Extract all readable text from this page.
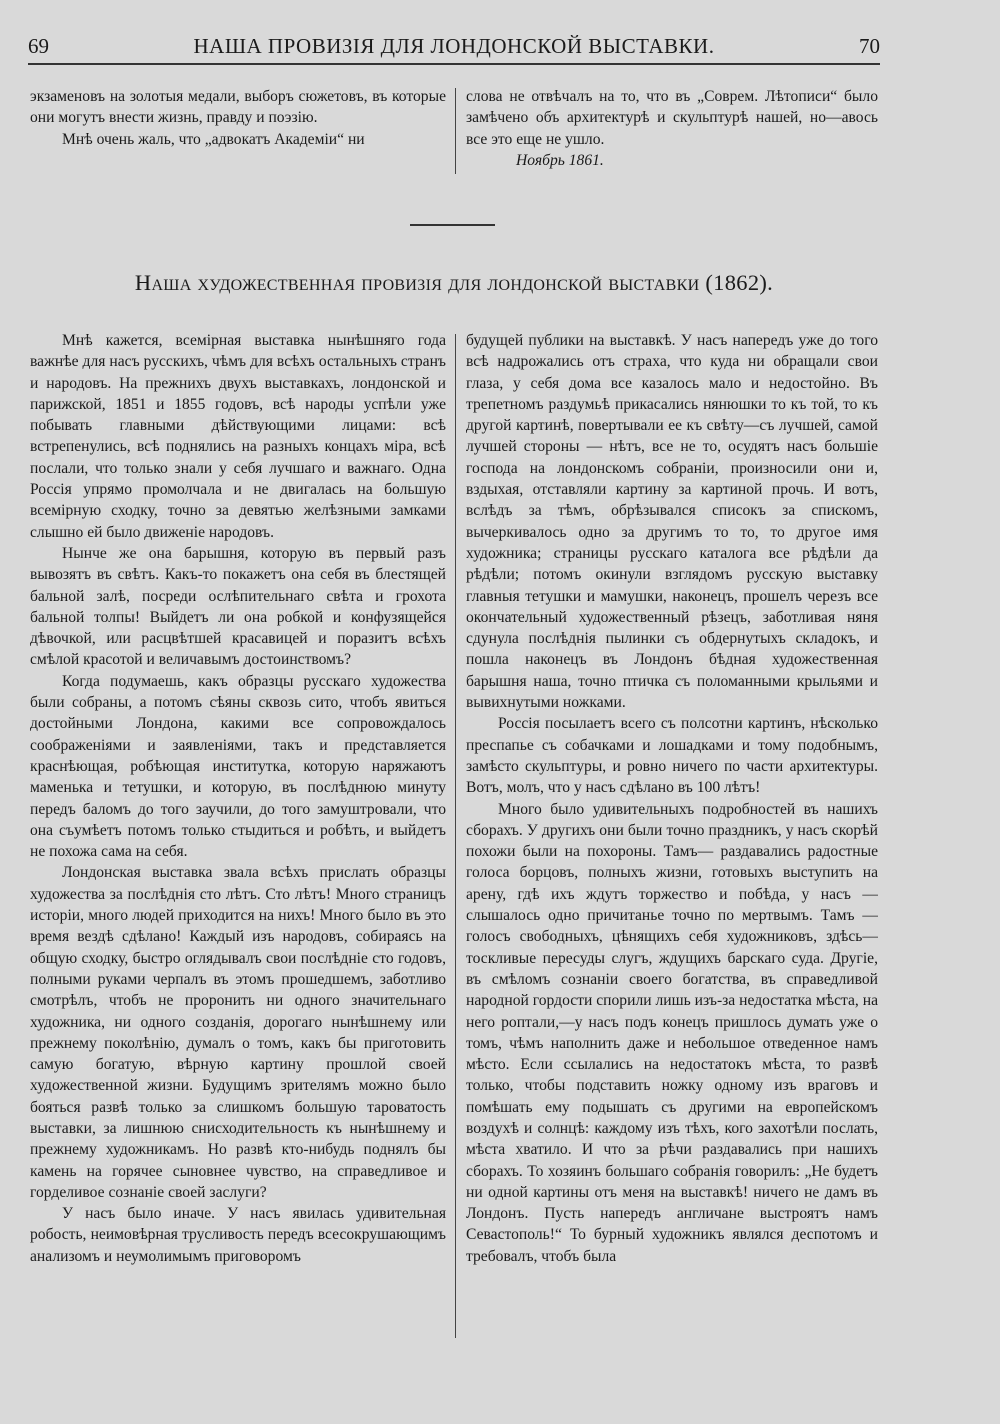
69	НАША ПРОВИЗІЯ ДЛЯ ЛОНДОНСКОЙ ВЫСТАВКИ.	70

экзаменовъ на золотыя медали, выборъ сюжетовъ, въ которые они могутъ внести жизнь, правду и поэзію.

Мнѣ очень жаль, что „адвокатъ Академіи“ ни

слова не отвѣчалъ на то, что въ „Соврем. Лѣтописи“ было замѣчено объ архитектурѣ и скульптурѣ нашей, но—авось все это еще не ушло.

Ноябрь 1861.

Наша художественная провизія для лондонской выставки (1862).

Мнѣ кажется, всемірная выставка нынѣшняго года важнѣе для насъ русскихъ, чѣмъ для всѣхъ остальныхъ странъ и народовъ. На прежнихъ двухъ выставкахъ, лондонской и парижской, 1851 и 1855 годовъ, всѣ народы успѣли уже побывать главными дѣйствующими лицами: всѣ встрепенулись, всѣ поднялись на разныхъ концахъ міра, всѣ послали, что только знали у себя лучшаго и важнаго. Одна Россія упрямо промолчала и не двигалась на большую всемірную сходку, точно за девятью желѣзными замками слышно ей было движеніе народовъ.

Нынче же она барышня, которую въ первый разъ вывозятъ въ свѣтъ. Какъ-то покажетъ она себя въ блестящей бальной залѣ, посреди ослѣпительнаго свѣта и грохота бальной толпы! Выйдетъ ли она робкой и конфузящейся дѣвочкой, или расцвѣтшей красавицей и поразитъ всѣхъ смѣлой красотой и величавымъ достоинствомъ?

Когда подумаешь, какъ образцы русскаго художества были собраны, а потомъ сѣяны сквозь сито, чтобъ явиться достойными Лондона, какими все сопровождалось соображеніями и заявленіями, такъ и представляется краснѣющая, робѣющая институтка, которую наряжаютъ маменька и тетушки, и которую, въ послѣднюю минуту передъ баломъ до того заучили, до того замуштровали, что она съумѣетъ потомъ только стыдиться и робѣть, и выйдетъ не похожа сама на себя.

Лондонская выставка звала всѣхъ прислать образцы художества за послѣднія сто лѣтъ. Сто лѣтъ! Много страницъ исторіи, много людей приходится на нихъ! Много было въ это время вездѣ сдѣлано! Каждый изъ народовъ, собираясь на общую сходку, быстро оглядывалъ свои послѣдніе сто годовъ, полными руками черпалъ въ этомъ прошедшемъ, заботливо смотрѣлъ, чтобъ не проронить ни одного значительнаго художника, ни одного созданія, дорогаго нынѣшнему или прежнему поколѣнію, думалъ о томъ, какъ бы приготовить самую богатую, вѣрную картину прошлой своей художественной жизни. Будущимъ зрителямъ можно было бояться развѣ только за слишкомъ большую тароватость выставки, за лишнюю снисходительность къ нынѣшнему и прежнему художникамъ. Но развѣ кто-нибудь поднялъ бы камень на горячее сыновнее чувство, на справедливое и горделивое сознаніе своей заслуги?

У насъ было иначе. У насъ явилась удивительная робость, неимовѣрная трусливость передъ всесокрушающимъ анализомъ и неумолимымъ приговоромъ

будущей публики на выставкѣ. У насъ напередъ уже до того всѣ надрожались отъ страха, что куда ни обращали свои глаза, у себя дома все казалось мало и недостойно. Въ трепетномъ раздумьѣ прикасались нянюшки то къ той, то къ другой картинѣ, повертывали ее къ свѣту—съ лучшей, самой лучшей стороны — нѣтъ, все не то, осудятъ насъ большіе господа на лондонскомъ собраніи, произносили они и, вздыхая, отставляли картину за картиной прочь. И вотъ, вслѣдъ за тѣмъ, обрѣзывался списокъ за спискомъ, вычеркивалось одно за другимъ то то, то другое имя художника; страницы русскаго каталога все рѣдѣли да рѣдѣли; потомъ окинули взглядомъ русскую выставку главныя тетушки и мамушки, наконецъ, прошелъ черезъ все окончательный художественный рѣзецъ, заботливая няня сдунула послѣднія пылинки съ обдернутыхъ складокъ, и пошла наконецъ въ Лондонъ бѣдная художественная барышня наша, точно птичка съ поломанными крыльями и вывихнутыми ножками.

Россія посылаетъ всего съ полсотни картинъ, нѣсколько преспапье съ собачками и лошадками и тому подобнымъ, замѣсто скульптуры, и ровно ничего по части архитектуры. Вотъ, молъ, что у насъ сдѣлано въ 100 лѣтъ!

Много было удивительныхъ подробностей въ нашихъ сборахъ. У другихъ они были точно праздникъ, у насъ скорѣй похожи были на похороны. Тамъ— раздавались радостные голоса борцовъ, полныхъ жизни, готовыхъ выступить на арену, гдѣ ихъ ждутъ торжество и побѣда, у насъ — слышалось одно причитанье точно по мертвымъ. Тамъ — голосъ свободныхъ, цѣнящихъ себя художниковъ, здѣсь—тоскливые пересуды слугъ, ждущихъ барскаго суда. Другіе, въ смѣломъ сознаніи своего богатства, въ справедливой народной гордости спорили лишь изъ-за недостатка мѣста, на него роптали,—у насъ подъ конецъ пришлось думать уже о томъ, чѣмъ наполнить даже и небольшое отведенное намъ мѣсто. Если ссылались на недостатокъ мѣста, то развѣ только, чтобы подставить ножку одному изъ враговъ и помѣшать ему подышать съ другими на европейскомъ воздухѣ и солнцѣ: каждому изъ тѣхъ, кого захотѣли послать, мѣста хватило. И что за рѣчи раздавались при нашихъ сборахъ. То хозяинъ большаго собранія говорилъ: „Не будетъ ни одной картины отъ меня на выставкѣ! ничего не дамъ въ Лондонъ. Пусть напередъ англичане выстроятъ намъ Севастополь!“ То бурный художникъ являлся деспотомъ и требовалъ, чтобъ была
